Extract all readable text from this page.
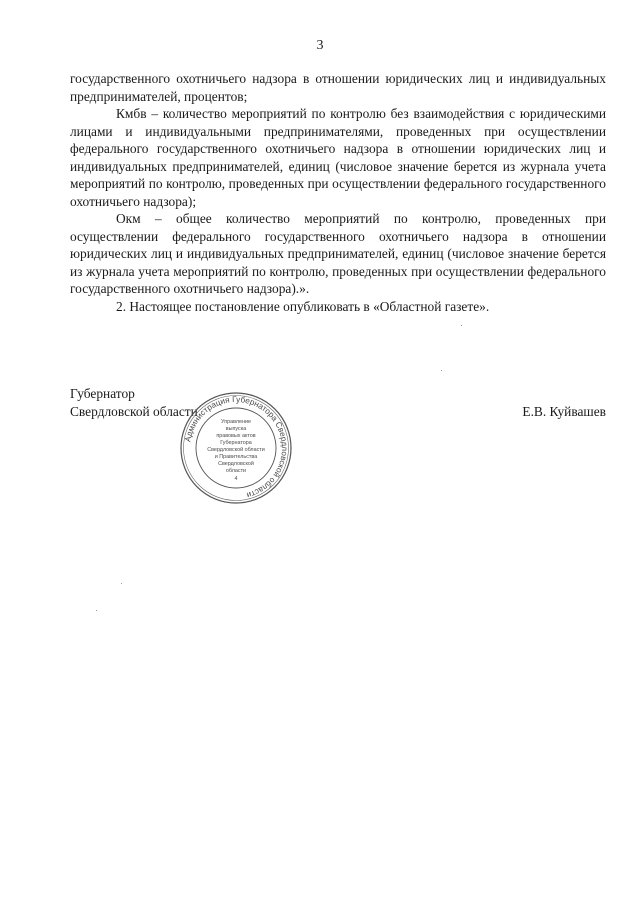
3

государственного охотничьего надзора в отношении юридических лиц и индивидуальных предпринимателей, процентов;

Кмбв – количество мероприятий по контролю без взаимодействия с юридическими лицами и индивидуальными предпринимателями, проведенных при осуществлении федерального государственного охотничьего надзора в отношении юридических лиц и индивидуальных предпринимателей, единиц (числовое значение берется из журнала учета мероприятий по контролю, проведенных при осуществлении федерального государственного охотничьего надзора);

Окм – общее количество мероприятий по контролю, проведенных при осуществлении федерального государственного охотничьего надзора в отношении юридических лиц и индивидуальных предпринимателей, единиц (числовое значение берется из журнала учета мероприятий по контролю, проведенных при осуществлении федерального государственного охотничьего надзора).».

2. Настоящее постановление опубликовать в «Областной газете».

Губернатор
Свердловской области	Е.В. Куйвашев
Администрация Губернатора Свердловской области
Управление
выпуска
правовых актов
Губернатора
Свердловской области
и Правительства
Свердловской
области
4
